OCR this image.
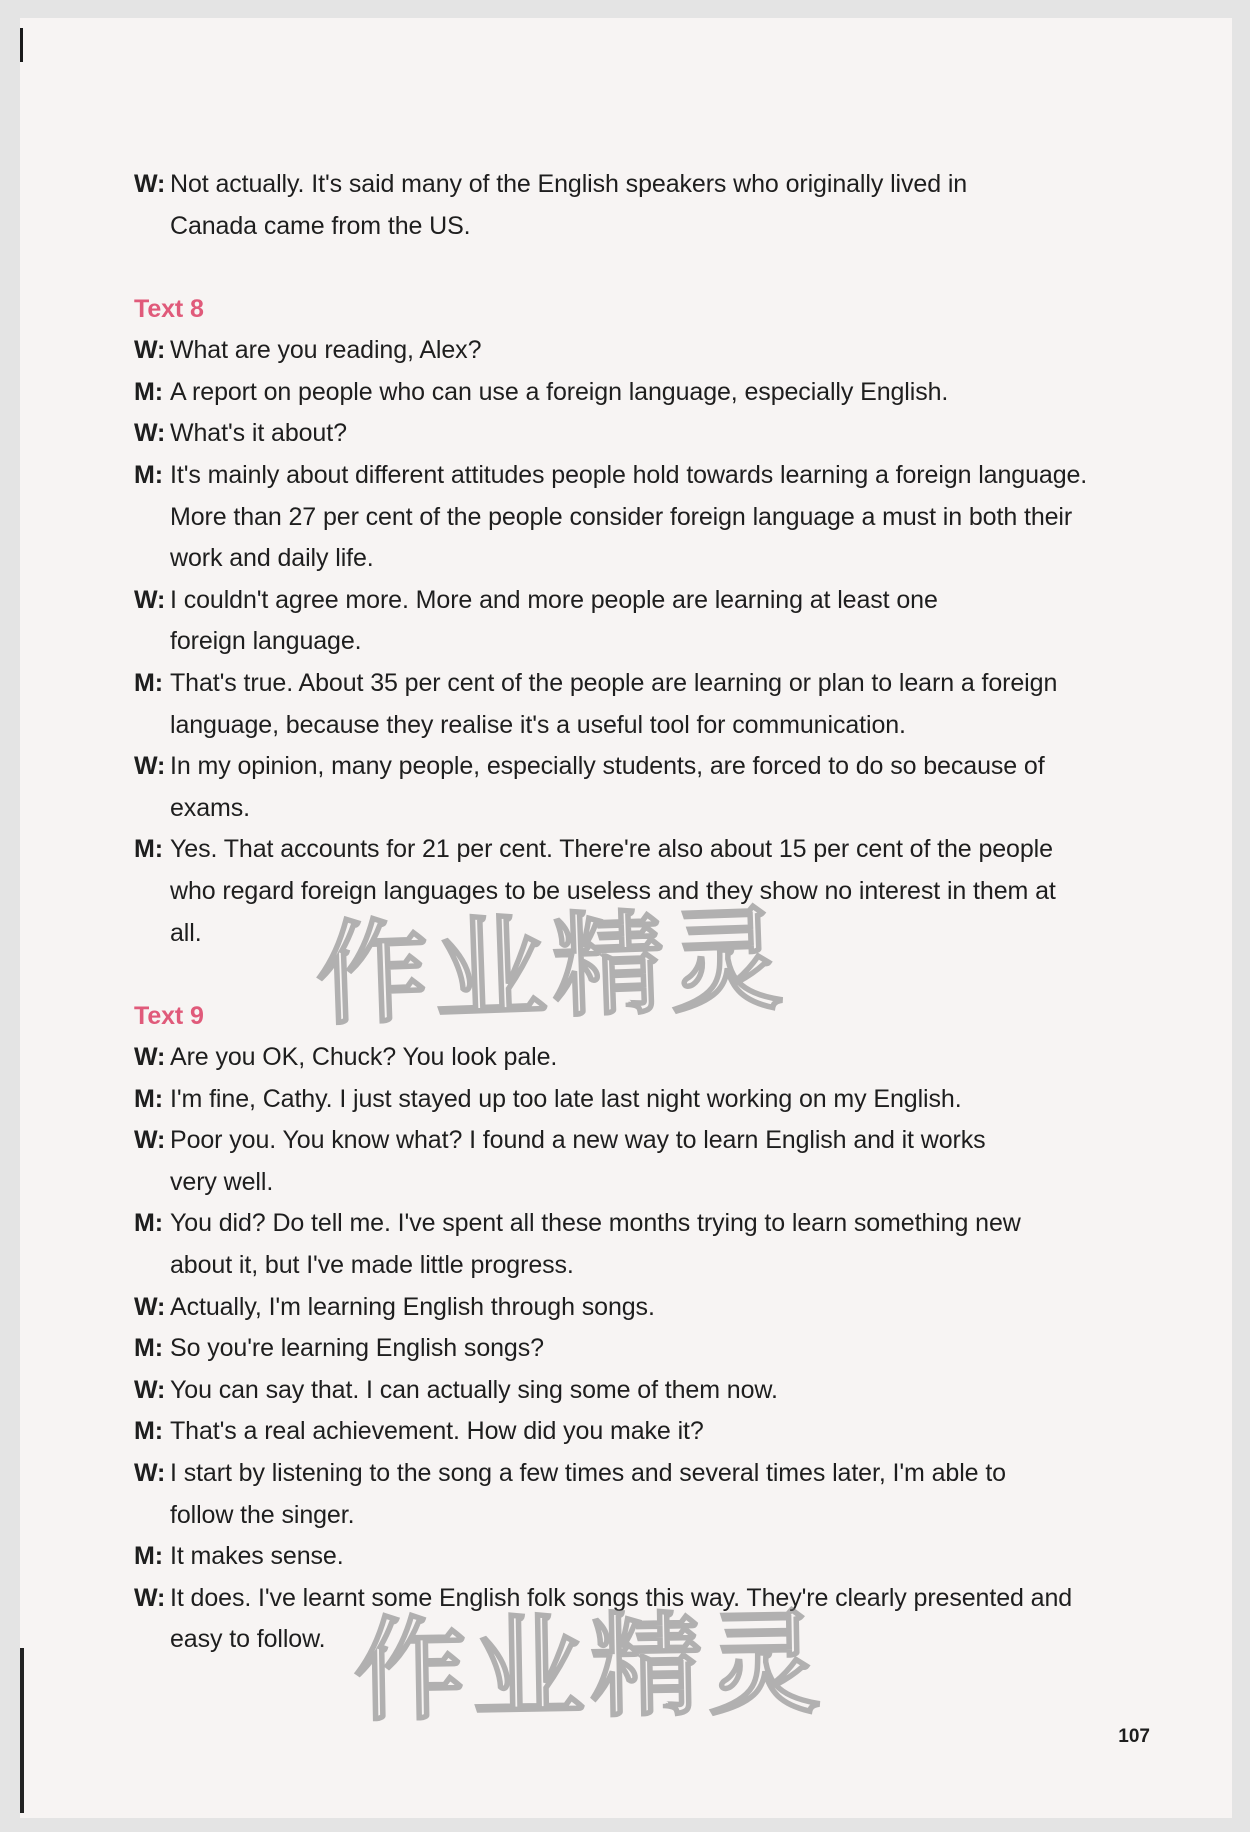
W: Not actually. It's said many of the English speakers who originally lived in Canada came from the US.
Text 8
W: What are you reading, Alex?
M: A report on people who can use a foreign language, especially English.
W: What's it about?
M: It's mainly about different attitudes people hold towards learning a foreign language. More than 27 per cent of the people consider foreign language a must in both their work and daily life.
W: I couldn't agree more. More and more people are learning at least one foreign language.
M: That's true. About 35 per cent of the people are learning or plan to learn a foreign language, because they realise it's a useful tool for communication.
W: In my opinion, many people, especially students, are forced to do so because of exams.
M: Yes. That accounts for 21 per cent. There're also about 15 per cent of the people who regard foreign languages to be useless and they show no interest in them at all.
Text 9
W: Are you OK, Chuck? You look pale.
M: I'm fine, Cathy. I just stayed up too late last night working on my English.
W: Poor you. You know what? I found a new way to learn English and it works very well.
M: You did? Do tell me. I've spent all these months trying to learn something new about it, but I've made little progress.
W: Actually, I'm learning English through songs.
M: So you're learning English songs?
W: You can say that. I can actually sing some of them now.
M: That's a real achievement. How did you make it?
W: I start by listening to the song a few times and several times later, I'm able to follow the singer.
M: It makes sense.
W: It does. I've learnt some English folk songs this way. They're clearly presented and easy to follow.
作业精灵
作业精灵	107
